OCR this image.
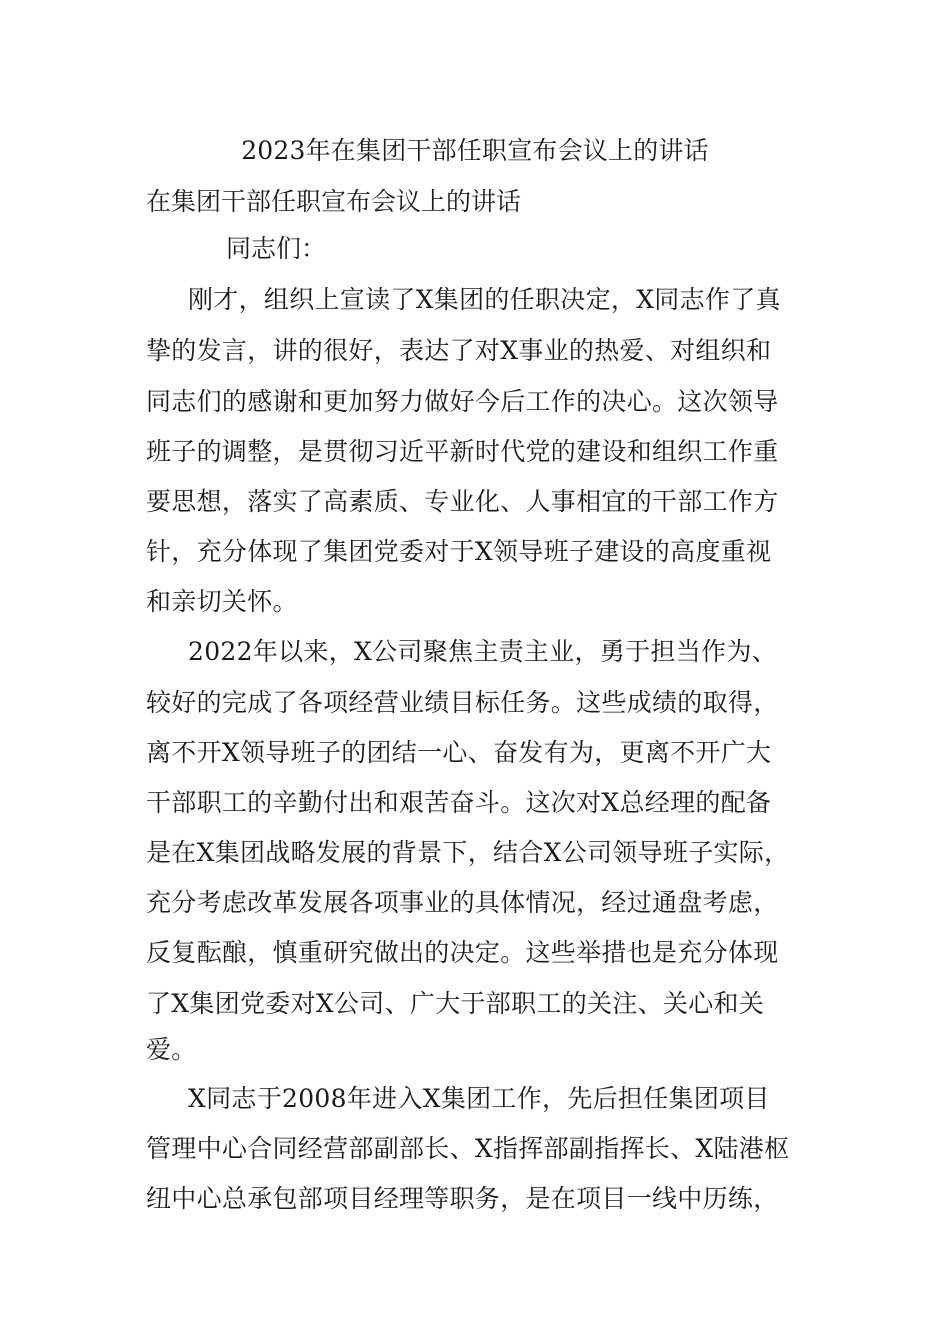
2023年在集团干部任职宣布会议上的讲话
在集团干部任职宣布会议上的讲话
同志们：
刚才，组织上宣读了X集团的任职决定，X同志作了真
挚的发言，讲的很好，表达了对X事业的热爱、对组织和
同志们的感谢和更加努力做好今后工作的决心。这次领导
班子的调整，是贯彻习近平新时代党的建设和组织工作重
要思想，落实了高素质、专业化、人事相宜的干部工作方
针，充分体现了集团党委对于X领导班子建设的高度重视
和亲切关怀。
2022年以来，X公司聚焦主责主业，勇于担当作为、
较好的完成了各项经营业绩目标任务。这些成绩的取得，
离不开X领导班子的团结一心、奋发有为，更离不开广大
干部职工的辛勤付出和艰苦奋斗。这次对X总经理的配备
是在X集团战略发展的背景下，结合X公司领导班子实际，
充分考虑改革发展各项事业的具体情况，经过通盘考虑，
反复酝酿，慎重研究做出的决定。这些举措也是充分体现
了X集团党委对X公司、广大于部职工的关注、关心和关
爱。
X同志于2008年进入X集团工作，先后担任集团项目
管理中心合同经营部副部长、X指挥部副指挥长、X陆港枢
纽中心总承包部项目经理等职务，是在项目一线中历练，
